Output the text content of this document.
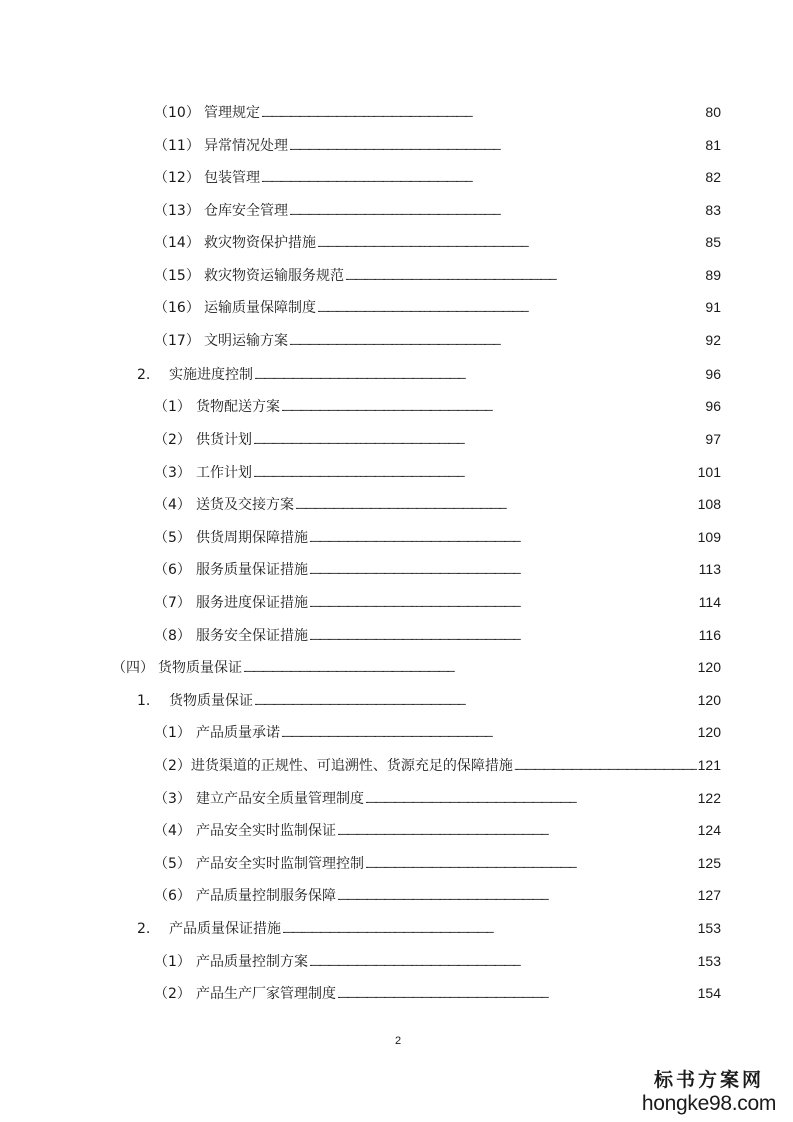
（10） 管理规定 . . .	80
（11） 异常情况处理 . . .	81
（12） 包装管理 . . .	82
（13） 仓库安全管理 . . .	83
（14） 救灾物资保护措施 . . .	85
（15） 救灾物资运输服务规范 . . .	89
（16） 运输质量保障制度 . . .	91
（17） 文明运输方案 . . .	92
2.	实施进度控制 . . .	96
（1） 货物配送方案 . . .	96
（2） 供货计划 . . .	97
（3） 工作计划 . . .	101
（4） 送货及交接方案 . . .	108
（5） 供货周期保障措施 . . .	109
（6） 服务质量保证措施 . . .	113
（7） 服务进度保证措施 . . .	114
（8） 服务安全保证措施 . . .	116
（四） 货物质量保证 . . .	120
1.	货物质量保证 . . .	120
（1） 产品质量承诺 . . .	120
（2） 进货渠道的正规性、可追溯性、货源充足的保障措施 . . .	121
（3） 建立产品安全质量管理制度 . . .	122
（4） 产品安全实时监制保证 . . .	124
（5） 产品安全实时监制管理控制 . . .	125
（6） 产品质量控制服务保障 . . .	127
2.	产品质量保证措施 . . .	153
（1） 产品质量控制方案 . . .	153
（2） 产品生产厂家管理制度 . . .	154
2
标书方案网
hongke98.com
